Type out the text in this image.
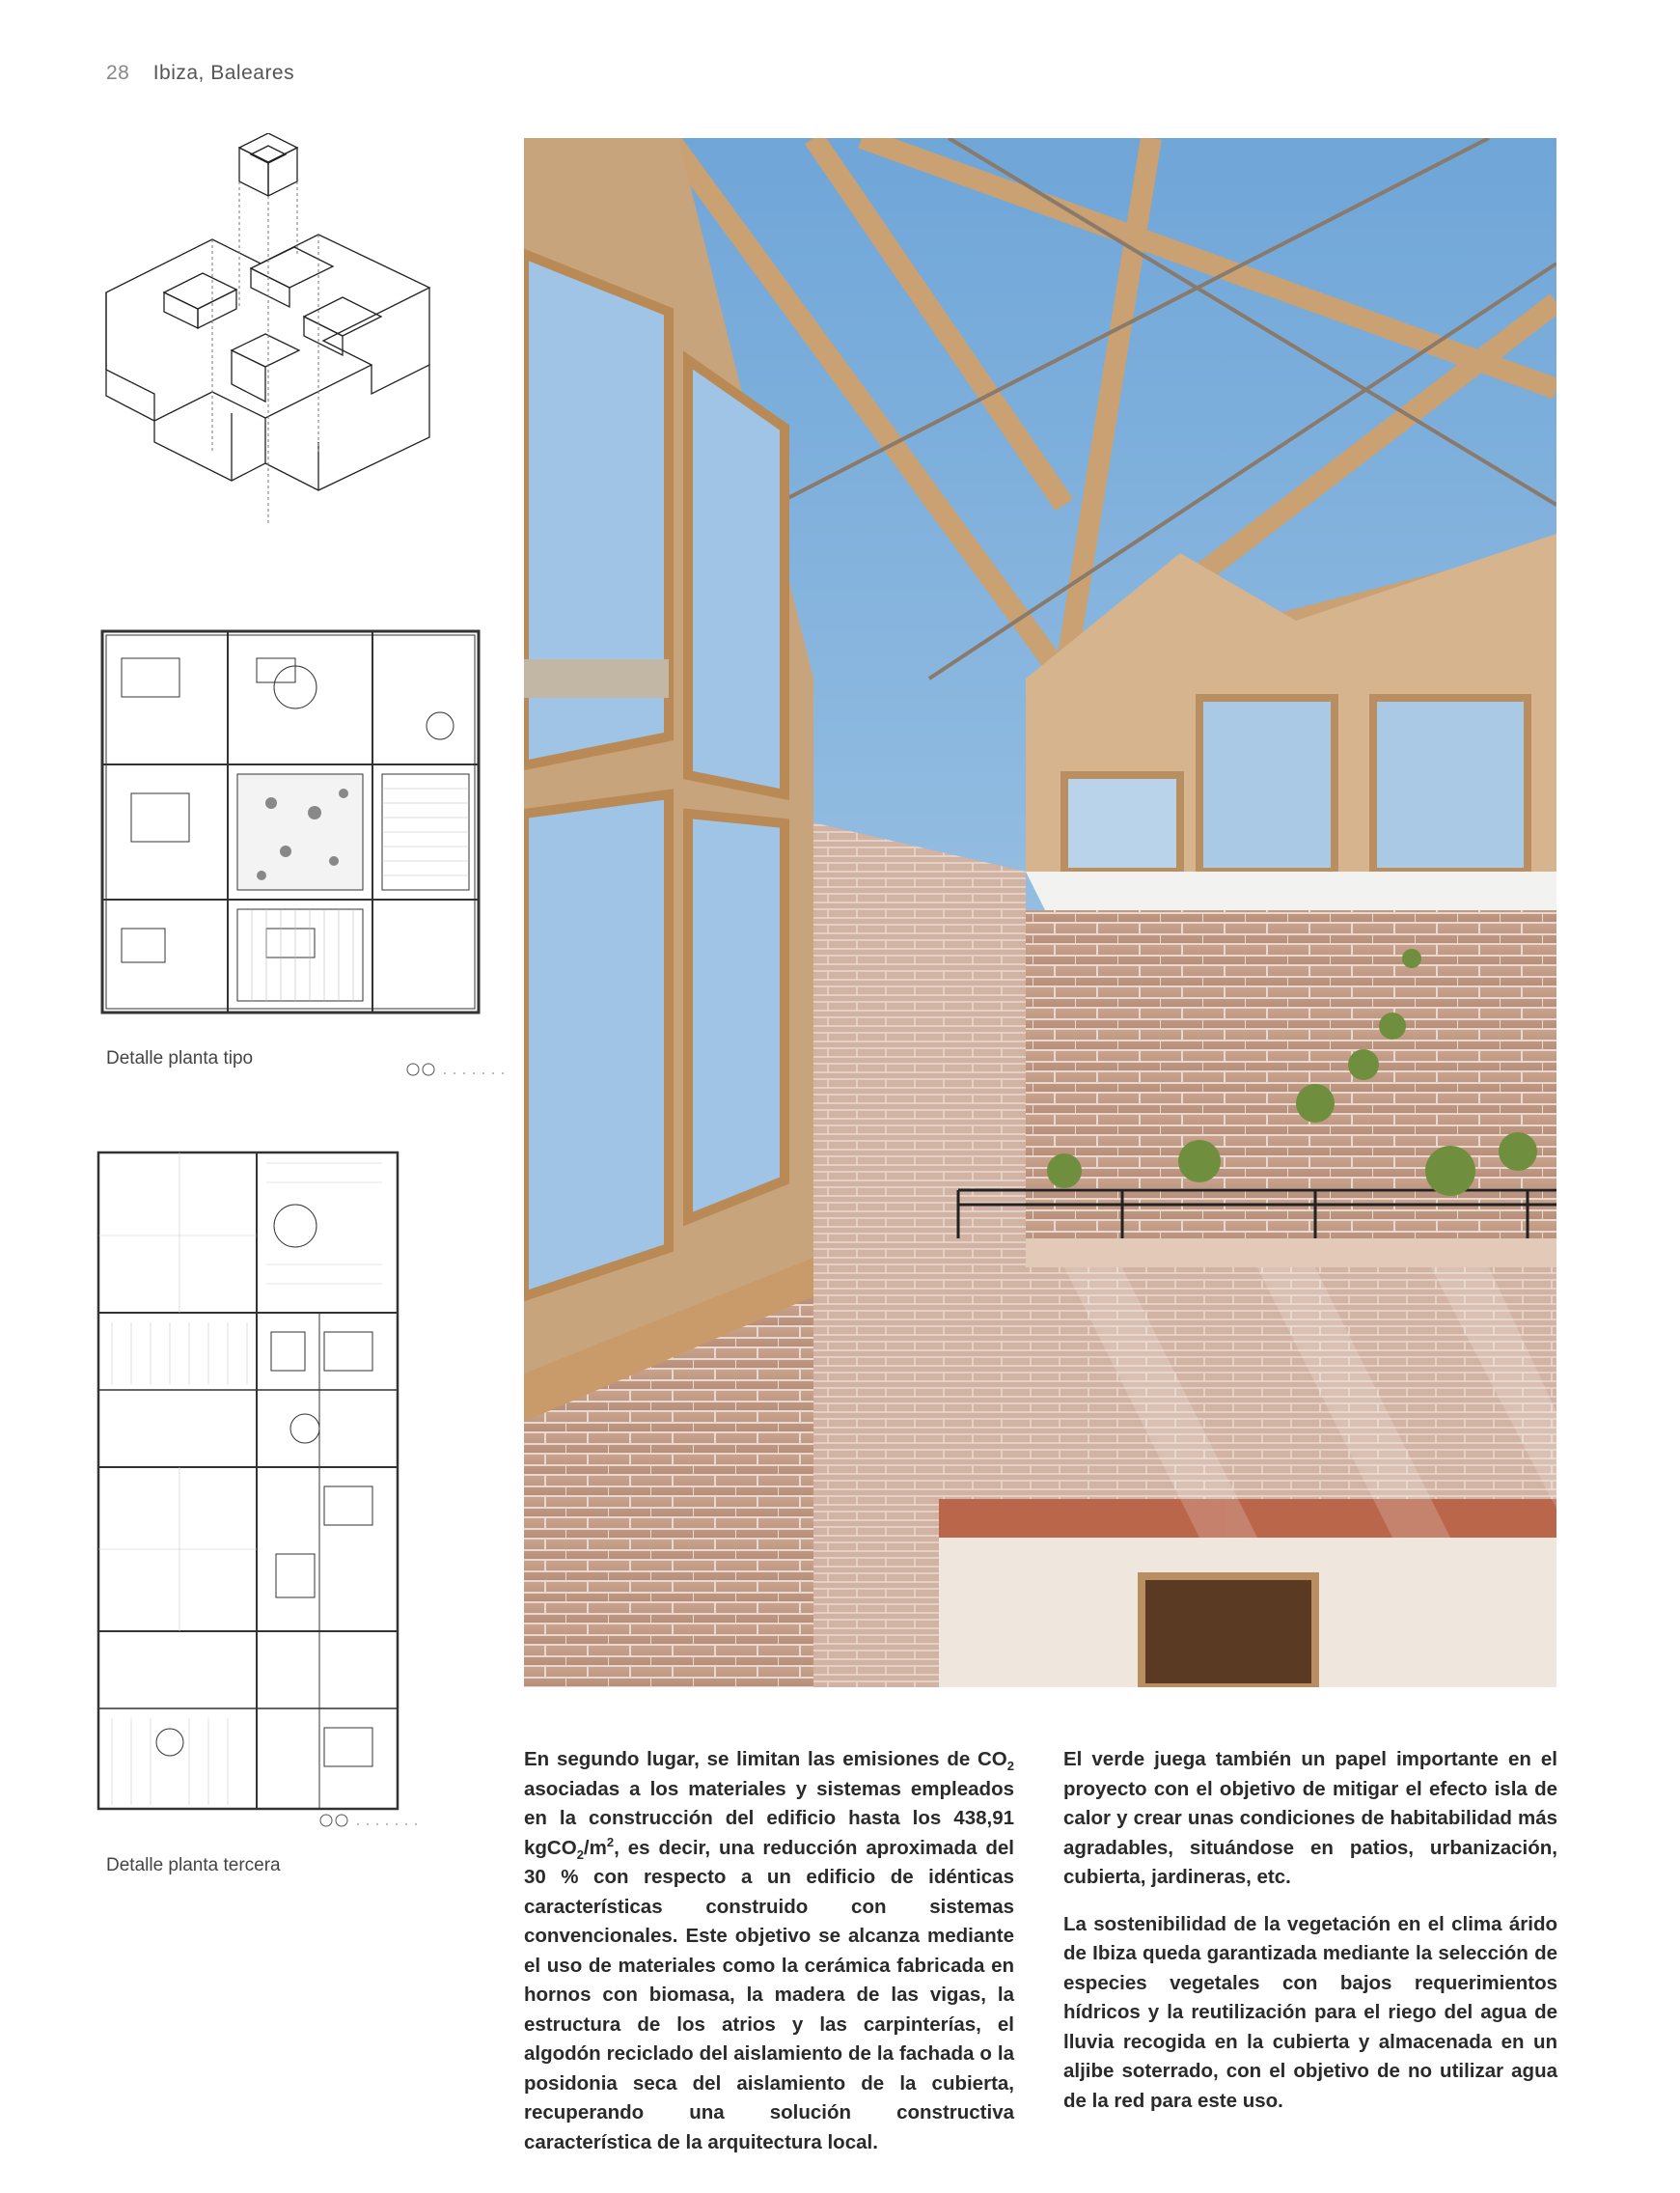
28 Ibiza, Baleares
Detalle planta tipo
Detalle planta tercera

En segundo lugar, se limitan las emisiones de $CO_2$ asociadas a los materiales y sistemas empleados en la construcción del edificio hasta los 438,91 $kgCO_2/m^2$, es decir, una reducción aproximada del 30 % con respecto a un edificio de idénticas características construido con sistemas convencionales. Este objetivo se alcanza mediante el uso de materiales como la cerámica fabricada en hornos con biomasa, la madera de las vigas, la estructura de los atrios y las carpinterías, el algodón reciclado del aislamiento de la fachada o la posidonia seca del aislamiento de la cubierta, recuperando una solución constructiva característica de la arquitectura local.

El verde juega también un papel importante en el proyecto con el objetivo de mitigar el efecto isla de calor y crear unas condiciones de habitabilidad más agradables, situándose en patios, urbanización, cubierta, jardineras, etc.

La sostenibilidad de la vegetación en el clima árido de Ibiza queda garantizada mediante la selección de especies vegetales con bajos requerimientos hídricos y la reutilización para el riego del agua de lluvia recogida en la cubierta y almacenada en un aljibe soterrado, con el objetivo de no utilizar agua de la red para este uso.
